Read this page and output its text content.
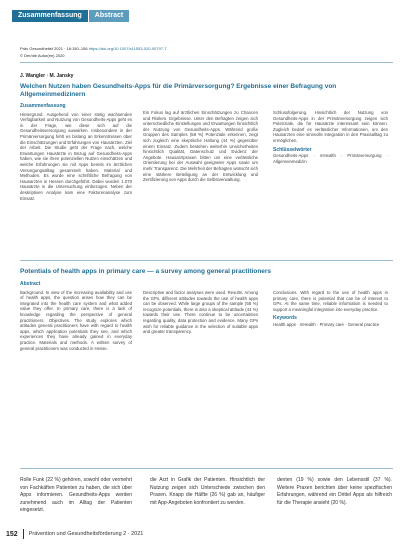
Zusammenfassung	Abstract
Präv Gesundheitsf 2021 · 16:150–156 https://doi.org/10.1007/s11553-020-00797-7
© Der/die Autor(en) 2020
J. Wangler · M. Jansky
Welchen Nutzen haben Gesundheits-Apps für die Primärversorgung? Ergebnisse einer Befragung von Allgemeinmedizinern
Zusammenfassung

Hintergrund. Ausgehend von einer stetig wachsenden Verfügbarkeit und Nutzung von Gesundheits-Apps geht es in der Frage, wie diese sich auf die Gesundheitsversorgung auswirken. Insbesondere in der Primärversorgung fehlt es bislang an Erkenntnissen über die Einschätzungen und Erfahrungen von Hausärzten. Ziel der Arbeit. Die Studie geht der Frage nach, welche Erwartungen Hausärzte in Bezug auf Gesundheits-Apps haben, wie sie ihren potenziellen Nutzen einschätzen und welche Erfahrungen sie mit Apps bereits im ärztlichen Versorgungsalltag gesammelt haben. Material und Methoden. Es wurde eine schriftliche Befragung von Hausarzten in Hessen durchgeführt. Dabei wurden 1.070 Hausärzte in die Untersuchung einbezogen. Neben der deskriptiven Analyse kam eine Faktorenanalyse zum Einsatz.

Ein Fokus lag auf ärztlichen Einschätzungen zu Chancen und Risiken. Ergebnisse. Unter den Befragten zeigen sich unterschiedliche Einstellungen und Erwartungen hinsichtlich der Nutzung von Gesundheits-Apps. Während große Gruppen des Samples (58 %) Potenziale erkennen, zeigt sich zugleich eine skeptische Haltung (44 %) gegenüber einem Einsatz. Zudem bestehen weiterhin Unsicherheiten hinsichtlich Qualität, Datenschutz und Evidenz der Angebote. Hausarztpraxen bitten um eine verlässliche Orientierung bei der Auswahl geeigneter Apps sowie um mehr Transparenz. Die Mehrheit der Befragten wünscht sich eine stärkere Beteiligung an der Entwicklung und Zertifizierung von Apps durch die Selbstverwaltung.

Schlussfolgerung. Hinsichtlich der Nutzung von Gesundheits-Apps in der Primärversorgung zeigen sich Potenziale, die für Hausärzte interessant sein können. Zugleich bedarf es verlässlicher Informationen, um den Hausarzten eine sinnvolle Integration in den Praxisalltag zu ermöglichen.

Schlüsselwörter

Gesundheits-Apps · mHealth · Primärversorgung · Allgemeinmedizin

Potentials of health apps in primary care — a survey among general practitioners
Abstract

Background. In view of the increasing availability and use of health apps, the question arises how they can be integrated into the health care system and what added value they offer. In primary care, there is a lack of knowledge regarding the perspective of general practitioners. Objectives. The study explores which attitudes general practitioners have with regard to health apps, which application potentials they see, and which experiences they have already gained in everyday practice. Materials and methods. A written survey of general practitioners was conducted in Hesse.

Descriptive and factor analyses were used. Results. Among the GPs, different attitudes towards the use of health apps can be observed. While large groups of the sample (58 %) recognize potentials, there is also a skeptical attitude (44 %) towards their use. There continue to be uncertainties regarding quality, data protection and evidence. Many GPs wish for reliable guidance in the selection of suitable apps and greater transparency.

Conclusions. With regard to the use of health apps in primary care, there is potential that can be of interest to GPs. At the same time, reliable information is needed to support a meaningful integration into everyday practice.

Keywords

Health apps · mHealth · Primary care · General practice

Rolle Funk (22 %) gehören, sowohl oder vermehrt von Fachkäften Patienten zu haben, die sich über Apps informieren. Gesundheits-Apps werden zunehmend auch im Alltag der Patienten eingesetzt.
die Arzt in Grafik der Patienten. Hinsichtlich der Nutzung zeigen sich Unterschiede zwischen den Praxen. Knapp die Hälfte (26 %) gab an, häufiger mit App-Angeboten konfrontiert zu werden.
denten (19 %) sowie den Lebensstil (37 %). Weitere Praxen berichten über keine spezifischen Erfahrungen, während ein Drittel Apps als hilfreich für die Therapie ansieht (20 %).
152 Prävention und Gesundheitsförderung 2 · 2021
